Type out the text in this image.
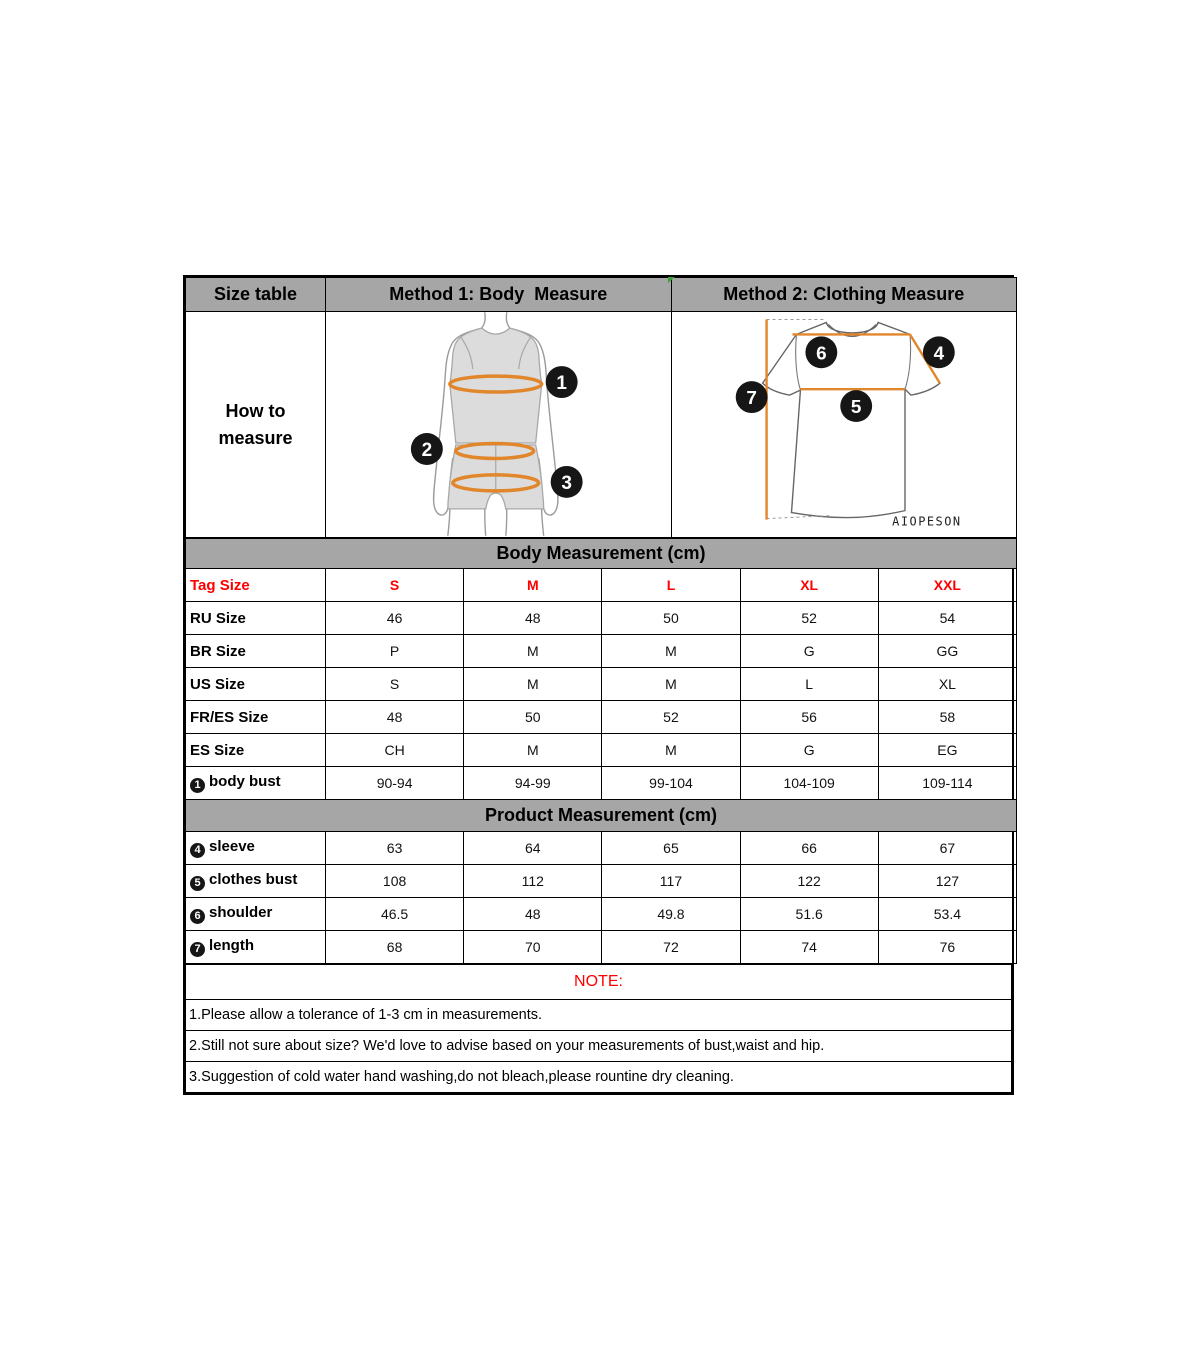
Size table	Method 1: Body  Measure	Method 2: Clothing Measure

How to
measure

1
2
3

6	4
7	5
AIOPESON
Body Measurement (cm)					
Tag Size	S	M	L	XL	XXL
RU Size	46	48	50	52	54
BR Size	P	M	M	G	GG
US Size	S	M	M	L	XL
FR/ES Size	48	50	52	56	58
ES Size	CH	M	M	G	EG
1 body bust	90-94	94-99	99-104	104-109	109-114
Product Measurement (cm)					
4 sleeve	63	64	65	66	67
5 clothes bust	108	112	117	122	127
6 shoulder	46.5	48	49.8	51.6	53.4
7 length	68	70	72	74	76
NOTE:
1.Please allow a tolerance of 1-3 cm in measurements.
2.Still not sure about size? We'd love to advise based on your measurements of bust,waist and hip.
3.Suggestion of cold water hand washing,do not bleach,please rountine dry cleaning.
